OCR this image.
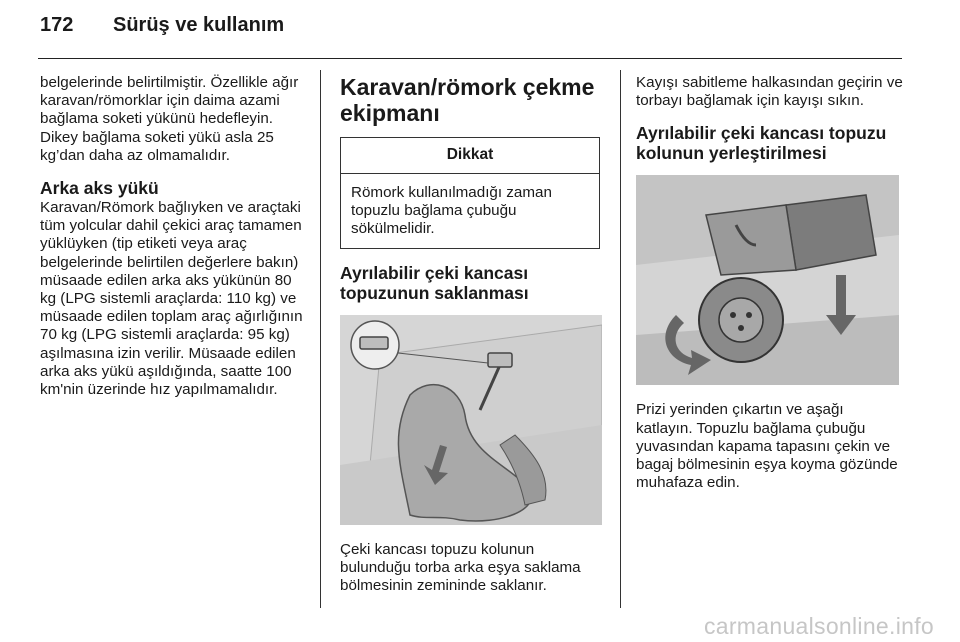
172 Sürüş ve kullanım

belgelerinde belirtilmiştir. Özellikle ağır karavan/römorklar için daima azami bağlama soketi yükünü hedefleyin. Dikey bağlama soketi yükü asla 25 kg’dan daha az olmamalıdır.

Arka aks yükü

Karavan/Römork bağlıyken ve araçtaki tüm yolcular dahil çekici araç tamamen yüklüyken (tip etiketi veya araç belgelerinde belirtilen değerlere bakın) müsaade edilen arka aks yükünün 80 kg (LPG sistemli araçlarda: 110 kg) ve müsaade edilen toplam araç ağırlığının 70 kg (LPG sistemli araçlarda: 95 kg) aşılmasına izin verilir. Müsaade edilen arka aks yükü aşıldığında, saatte 100 km'nin üzerinde hız yapılmamalıdır.

Karavan/römork çekme ekipmanı
Dikkat

Römork kullanılmadığı zaman topuzlu bağlama çubuğu sökülmelidir.

Ayrılabilir çeki kancası topuzunun saklanması

Çeki kancası topuzu kolunun bulunduğu torba arka eşya saklama bölmesinin zemininde saklanır.

Kayışı sabitleme halkasından geçirin ve torbayı bağlamak için kayışı sıkın.

Ayrılabilir çeki kancası topuzu kolunun yerleştirilmesi

Prizi yerinden çıkartın ve aşağı katlayın. Topuzlu bağlama çubuğu yuvasından kapama tapasını çekin ve bagaj bölmesinin eşya koyma gözünde muhafaza edin.

carmanualsonline.info
